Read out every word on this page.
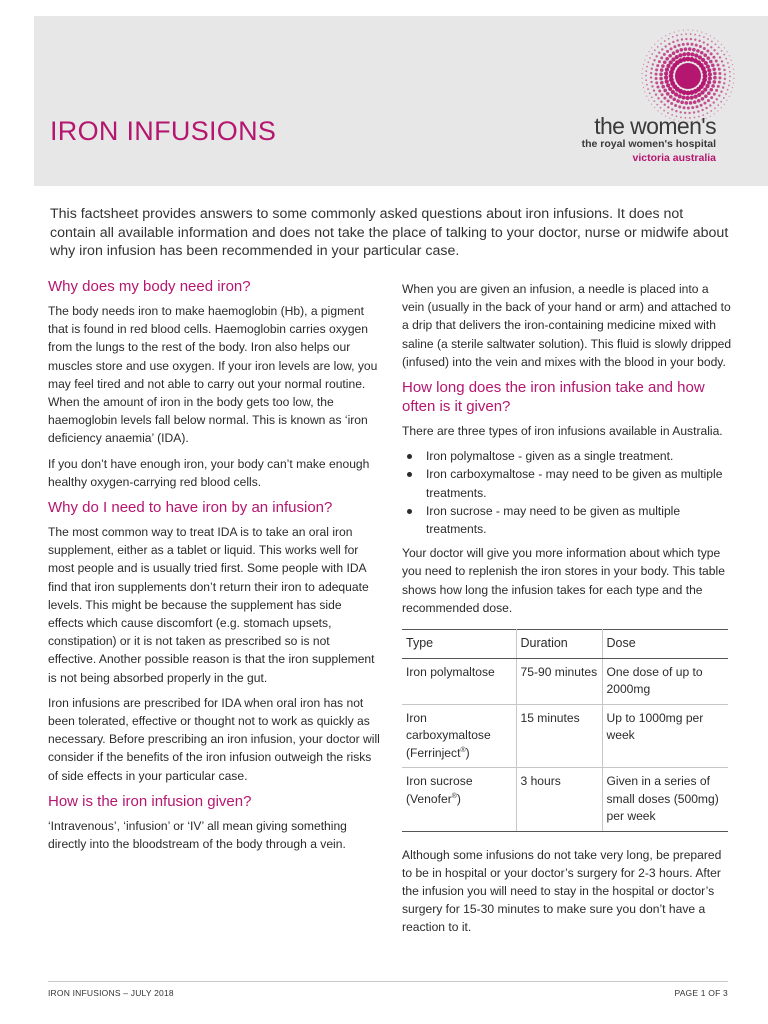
IRON INFUSIONS	the women's
the royal women's hospital
victoria australia

This factsheet provides answers to some commonly asked questions about iron infusions. It does not contain all available information and does not take the place of talking to your doctor, nurse or midwife about why iron infusion has been recommended in your particular case.

Why does my body need iron?

The body needs iron to make haemoglobin (Hb), a pigment that is found in red blood cells. Haemoglobin carries oxygen from the lungs to the rest of the body. Iron also helps our muscles store and use oxygen. If your iron levels are low, you may feel tired and not able to carry out your normal routine. When the amount of iron in the body gets too low, the haemoglobin levels fall below normal. This is known as ‘iron deficiency anaemia’ (IDA).

If you don’t have enough iron, your body can’t make enough healthy oxygen-carrying red blood cells.

Why do I need to have iron by an infusion?

The most common way to treat IDA is to take an oral iron supplement, either as a tablet or liquid. This works well for most people and is usually tried first. Some people with IDA find that iron supplements don’t return their iron to adequate levels. This might be because the supplement has side effects which cause discomfort (e.g. stomach upsets, constipation) or it is not taken as prescribed so is not effective. Another possible reason is that the iron supplement is not being absorbed properly in the gut.

Iron infusions are prescribed for IDA when oral iron has not been tolerated, effective or thought not to work as quickly as necessary. Before prescribing an iron infusion, your doctor will consider if the benefits of the iron infusion outweigh the risks of side effects in your particular case.

How is the iron infusion given?

‘Intravenous’, ‘infusion’ or ‘IV’ all mean giving something directly into the bloodstream of the body through a vein.

When you are given an infusion, a needle is placed into a vein (usually in the back of your hand or arm) and attached to a drip that delivers the iron-containing medicine mixed with saline (a sterile saltwater solution). This fluid is slowly dripped (infused) into the vein and mixes with the blood in your body.

How long does the iron infusion take and how often is it given?

There are three types of iron infusions available in Australia.

Iron polymaltose - given as a single treatment.
Iron carboxymaltose - may need to be given as multiple treatments.
Iron sucrose - may need to be given as multiple treatments.

Your doctor will give you more information about which type you need to replenish the iron stores in your body. This table shows how long the infusion takes for each type and the recommended dose.

Type	Duration	Dose
Iron polymaltose	75-90 minutes	One dose of up to 2000mg
Iron carboxymaltose
(Ferrinject®)	15 minutes	Up to 1000mg per week
Iron sucrose
(Venofer®)	3 hours	Given in a series of small doses (500mg) per week

Although some infusions do not take very long, be prepared to be in hospital or your doctor’s surgery for 2-3 hours. After the infusion you will need to stay in the hospital or doctor’s surgery for 15-30 minutes to make sure you don’t have a reaction to it.

IRON INFUSIONS – JULY 2018	PAGE 1 OF 3
